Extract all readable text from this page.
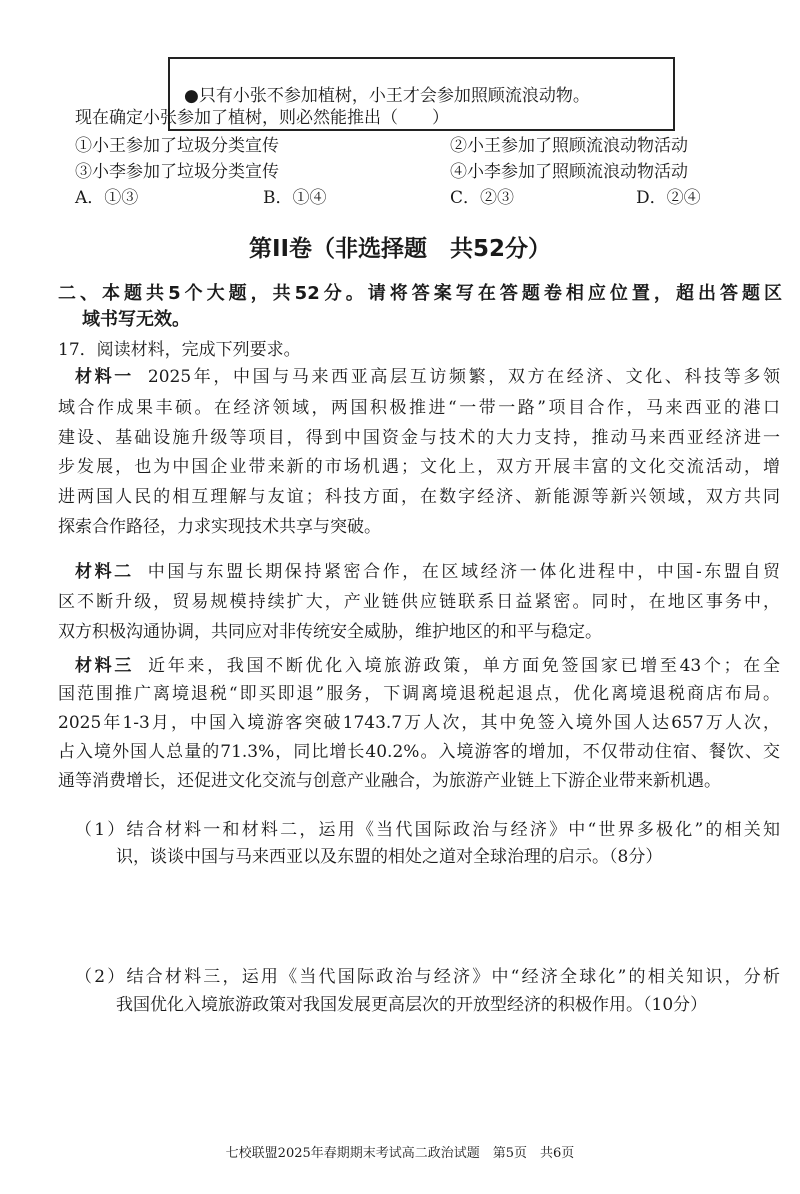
●只有小张不参加植树，小王才会参加照顾流浪动物。
现在确定小张参加了植树，则必然能推出（　　）
①小王参加了垃圾分类宣传	②小王参加了照顾流浪动物活动
③小李参加了垃圾分类宣传	④小李参加了照顾流浪动物活动
A．①③	B．①④	C．②③	D．②④
第II卷（非选择题　共52分）
二、本题共5个大题，共52分。请将答案写在答题卷相应位置，超出答题区
域书写无效。
17．阅读材料，完成下列要求。
材料一 2025年，中国与马来西亚高层互访频繁，双方在经济、文化、科技等多领
域合作成果丰硕。在经济领域，两国积极推进“一带一路”项目合作，马来西亚的港口
建设、基础设施升级等项目，得到中国资金与技术的大力支持，推动马来西亚经济进一
步发展，也为中国企业带来新的市场机遇；文化上，双方开展丰富的文化交流活动，增
进两国人民的相互理解与友谊；科技方面，在数字经济、新能源等新兴领域，双方共同
探索合作路径，力求实现技术共享与突破。
材料二 中国与东盟长期保持紧密合作，在区域经济一体化进程中，中国-东盟自贸
区不断升级，贸易规模持续扩大，产业链供应链联系日益紧密。同时，在地区事务中，
双方积极沟通协调，共同应对非传统安全威胁，维护地区的和平与稳定。
材料三 近年来，我国不断优化入境旅游政策，单方面免签国家已增至43个；在全
国范围推广离境退税“即买即退”服务，下调离境退税起退点，优化离境退税商店布局。
2025年1-3月，中国入境游客突破1743.7万人次，其中免签入境外国人达657万人次，
占入境外国人总量的71.3%，同比增长40.2%。入境游客的增加，不仅带动住宿、餐饮、交
通等消费增长，还促进文化交流与创意产业融合，为旅游产业链上下游企业带来新机遇。
（1）结合材料一和材料二，运用《当代国际政治与经济》中“世界多极化”的相关知
识，谈谈中国与马来西亚以及东盟的相处之道对全球治理的启示。（8分）
（2）结合材料三，运用《当代国际政治与经济》中“经济全球化”的相关知识，分析
我国优化入境旅游政策对我国发展更高层次的开放型经济的积极作用。（10分）
七校联盟2025年春期期末考试高二政治试题　第5页　共6页
